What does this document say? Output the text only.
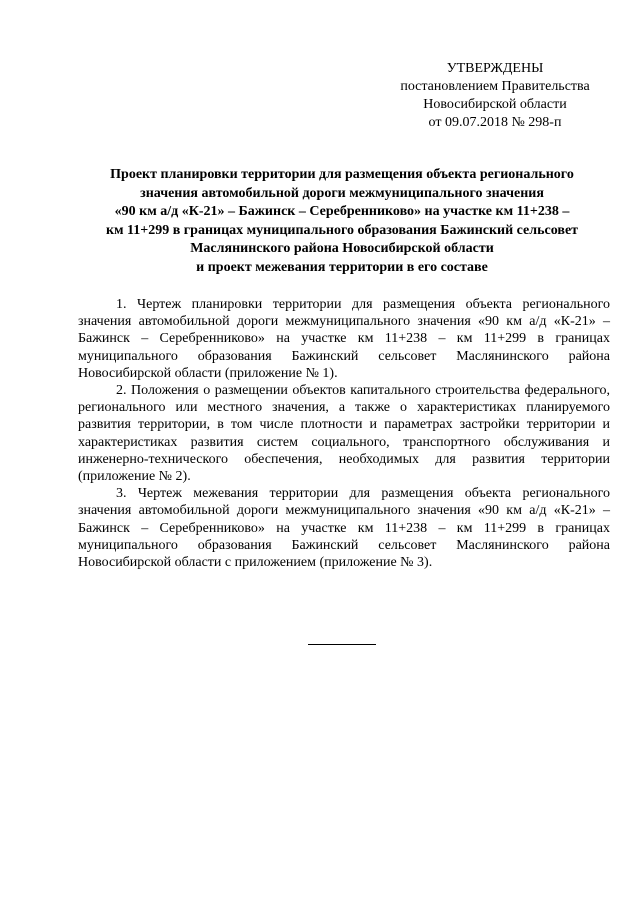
УТВЕРЖДЕНЫ
постановлением Правительства
Новосибирской области
от 09.07.2018 № 298-п
Проект планировки территории для размещения объекта регионального
значения автомобильной дороги межмуниципального значения
«90 км а/д «К-21» – Бажинск – Серебренниково» на участке км 11+238 –
км 11+299 в границах муниципального образования Бажинский сельсовет
Маслянинского района Новосибирской области
и проект межевания территории в его составе

1. Чертеж планировки территории для размещения объекта регионального значения автомобильной дороги межмуниципального значения «90 км а/д «К-21» – Бажинск – Серебренниково» на участке км 11+238 – км 11+299 в границах муниципального образования Бажинский сельсовет Маслянинского района Новосибирской области (приложение № 1).

2. Положения о размещении объектов капитального строительства федерального, регионального или местного значения, а также о характеристиках планируемого развития территории, в том числе плотности и параметрах застройки территории и характеристиках развития систем социального, транспортного обслуживания и инженерно-технического обеспечения, необходимых для развития территории (приложение № 2).

3. Чертеж межевания территории для размещения объекта регионального значения автомобильной дороги межмуниципального значения «90 км а/д «К-21» – Бажинск – Серебренниково» на участке км 11+238 – км 11+299 в границах муниципального образования Бажинский сельсовет Маслянинского района Новосибирской области с приложением (приложение № 3).
